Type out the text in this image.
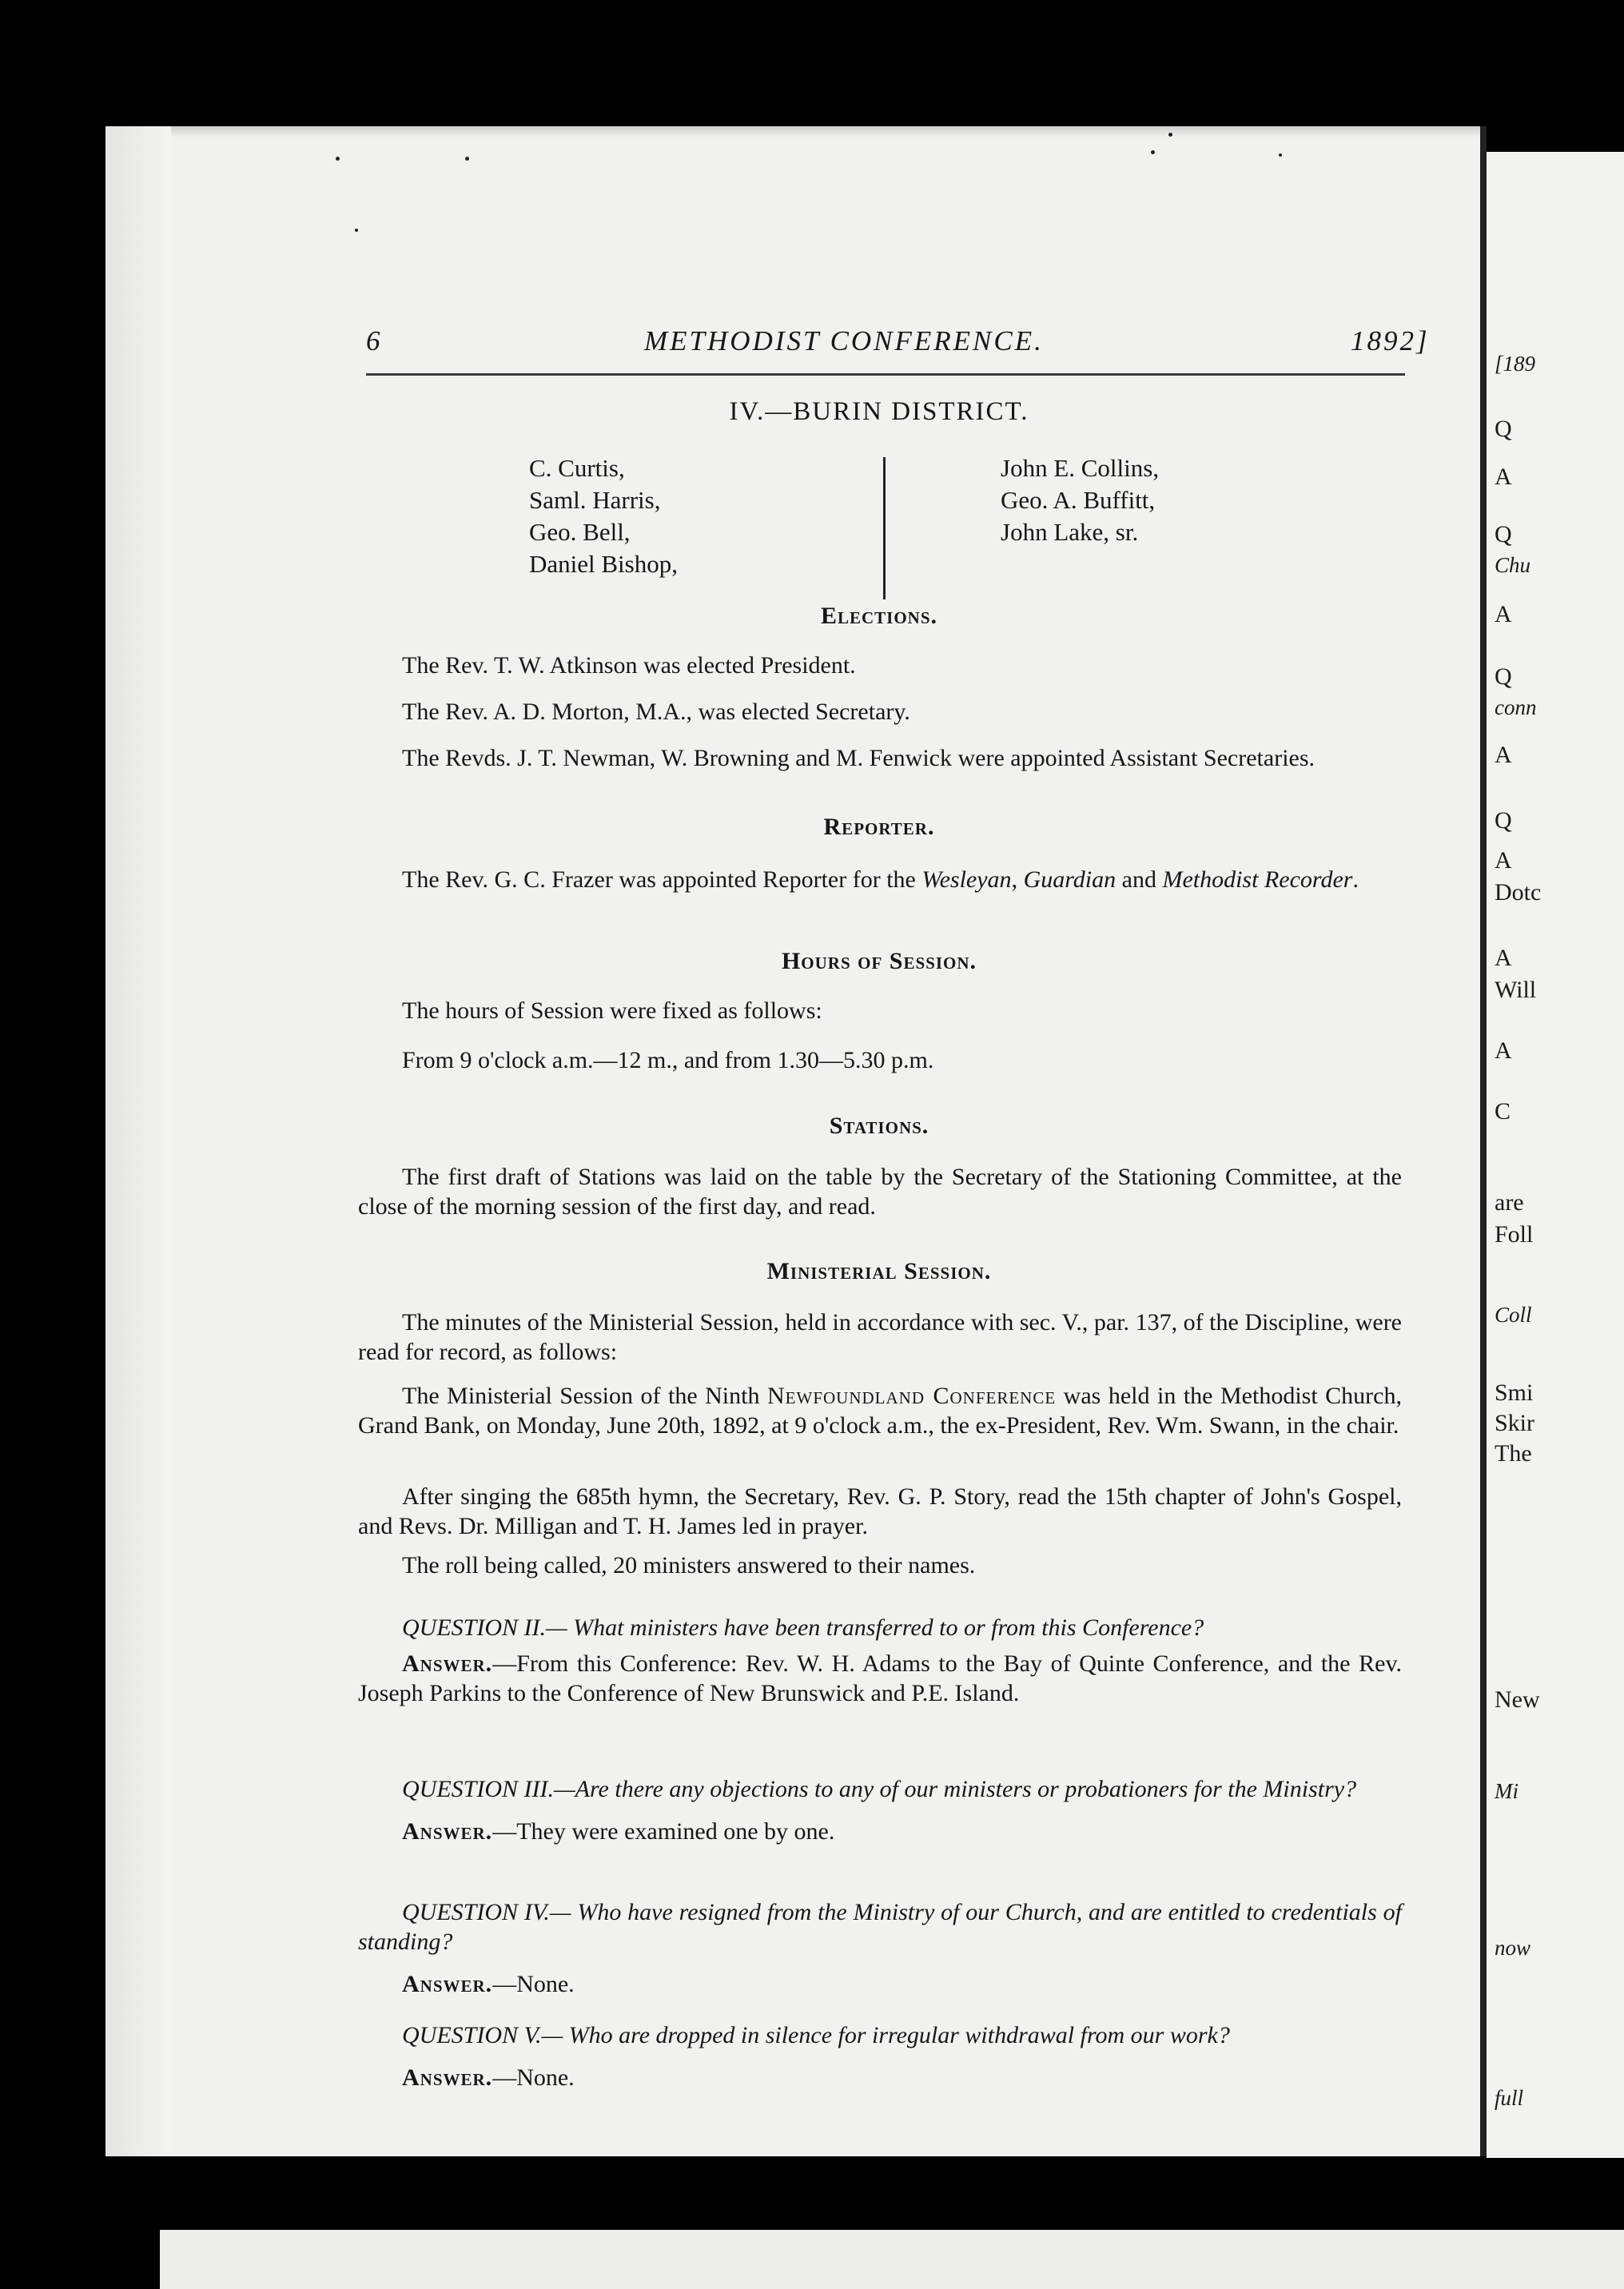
6	METHODIST CONFERENCE.	1892]
IV.—BURIN DISTRICT.
C. Curtis,
Saml. Harris,
Geo. Bell,
Daniel Bishop,
John E. Collins,
Geo. A. Buffitt,
John Lake, sr.
Elections.
The Rev. T. W. Atkinson was elected President.
The Rev. A. D. Morton, M.A., was elected Secretary.
The Revds. J. T. Newman, W. Browning and M. Fenwick were appointed Assistant Secretaries.
Reporter.
The Rev. G. C. Frazer was appointed Reporter for the Wesleyan, Guardian and Methodist Recorder.
Hours of Session.
The hours of Session were fixed as follows:
From 9 o'clock a.m.—12 m., and from 1.30—5.30 p.m.
Stations.
The first draft of Stations was laid on the table by the Secretary of the Stationing Committee, at the close of the morning session of the first day, and read.
Ministerial Session.
The minutes of the Ministerial Session, held in accordance with sec. V., par. 137, of the Discipline, were read for record, as follows:
The Ministerial Session of the Ninth Newfoundland Conference was held in the Methodist Church, Grand Bank, on Monday, June 20th, 1892, at 9 o'clock a.m., the ex-President, Rev. Wm. Swann, in the chair.
After singing the 685th hymn, the Secretary, Rev. G. P. Story, read the 15th chapter of John's Gospel, and Revs. Dr. Milligan and T. H. James led in prayer.
The roll being called, 20 ministers answered to their names.
QUESTION II.— What ministers have been transferred to or from this Conference?
Answer.—From this Conference: Rev. W. H. Adams to the Bay of Quinte Conference, and the Rev. Joseph Parkins to the Conference of New Brunswick and P.E. Island.
QUESTION III.—Are there any objections to any of our ministers or probationers for the Ministry?
Answer.—They were examined one by one.
QUESTION IV.— Who have resigned from the Ministry of our Church, and are entitled to credentials of standing?
Answer.—None.
QUESTION V.— Who are dropped in silence for irregular withdrawal from our work?
Answer.—None.
[189
Q
A
Q
Chu
A
Q
conn
A
Q
A
Dotc
A
Will
A
C
are
Foll
Coll
Smi
Skir
The
New
Mi
now
full
